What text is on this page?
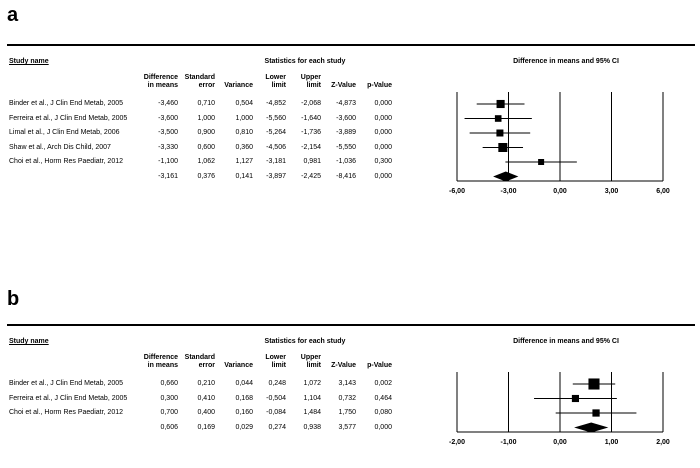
a
Study name	Statistics for each study	Difference in means and 95% CI
Difference
in means
Standard
error	Variance
Lower
limit
Upper
limit	Z-Value	p-Value
Binder et al., J Clin End Metab, 2005	-3,460	0,710	0,504	-4,852	-2,068	-4,873	0,000
Ferreira et al., J Clin End Metab, 2005	-3,600	1,000	1,000	-5,560	-1,640	-3,600	0,000
Limal et al., J Clin End Metab, 2006	-3,500	0,900	0,810	-5,264	-1,736	-3,889	0,000
Shaw et al., Arch Dis Child, 2007	-3,330	0,600	0,360	-4,506	-2,154	-5,550	0,000
Choi et al., Horm Res Paediatr, 2012	-1,100	1,062	1,127	-3,181	0,981	-1,036	0,300
-3,161	0,376	0,141	-3,897	-2,425	-8,416	0,000
-6,00	-3,00	0,00	3,00	6,00
b
Study name	Statistics for each study	Difference in means and 95% CI
Difference
in means
Standard
error	Variance
Lower
limit
Upper
limit	Z-Value	p-Value
Binder et al., J Clin End Metab, 2005	0,660	0,210	0,044	0,248	1,072	3,143	0,002
Ferreira et al., J Clin End Metab, 2005	0,300	0,410	0,168	-0,504	1,104	0,732	0,464
Choi et al., Horm Res Paediatr, 2012	0,700	0,400	0,160	-0,084	1,484	1,750	0,080
0,606	0,169	0,029	0,274	0,938	3,577	0,000
-2,00	-1,00	0,00	1,00	2,00
